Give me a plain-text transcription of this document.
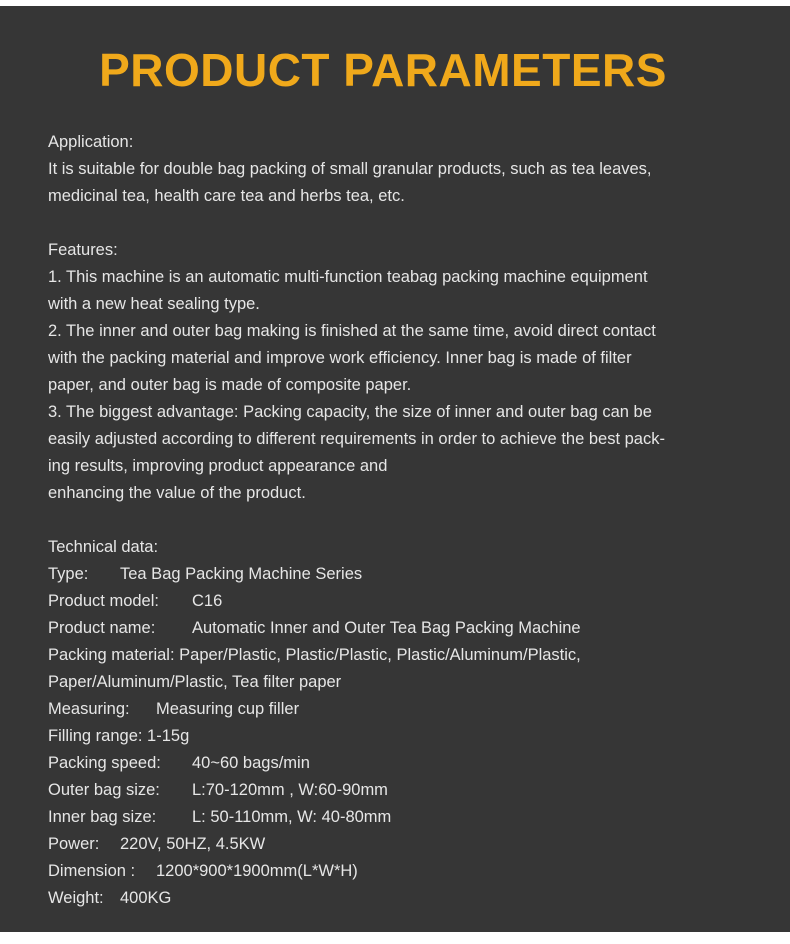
PRODUCT PARAMETERS
Application:
It is suitable for double bag packing of small granular products, such as tea leaves,
medicinal tea, health care tea and herbs tea, etc.
Features:
1. This machine is an automatic multi-function teabag packing machine equipment
with a new heat sealing type.
2. The inner and outer bag making is finished at the same time, avoid direct contact
with the packing material and improve work efficiency. Inner bag is made of filter
paper, and outer bag is made of composite paper.
3. The biggest advantage: Packing capacity, the size of inner and outer bag can be
easily adjusted according to different requirements in order to achieve the best pack-
ing results, improving product appearance and
enhancing the value of the product.
Technical data:
Type: Tea Bag Packing Machine Series
Product model: C16
Product name: Automatic Inner and Outer Tea Bag Packing Machine
Packing material: Paper/Plastic, Plastic/Plastic, Plastic/Aluminum/Plastic,
Paper/Aluminum/Plastic, Tea filter paper
Measuring: Measuring cup filler
Filling range: 1-15g
Packing speed: 40~60 bags/min
Outer bag size: L:70-120mm , W:60-90mm
Inner bag size: L: 50-110mm, W: 40-80mm
Power: 220V, 50HZ, 4.5KW
Dimension : 1200*900*1900mm(L*W*H)
Weight: 400KG
